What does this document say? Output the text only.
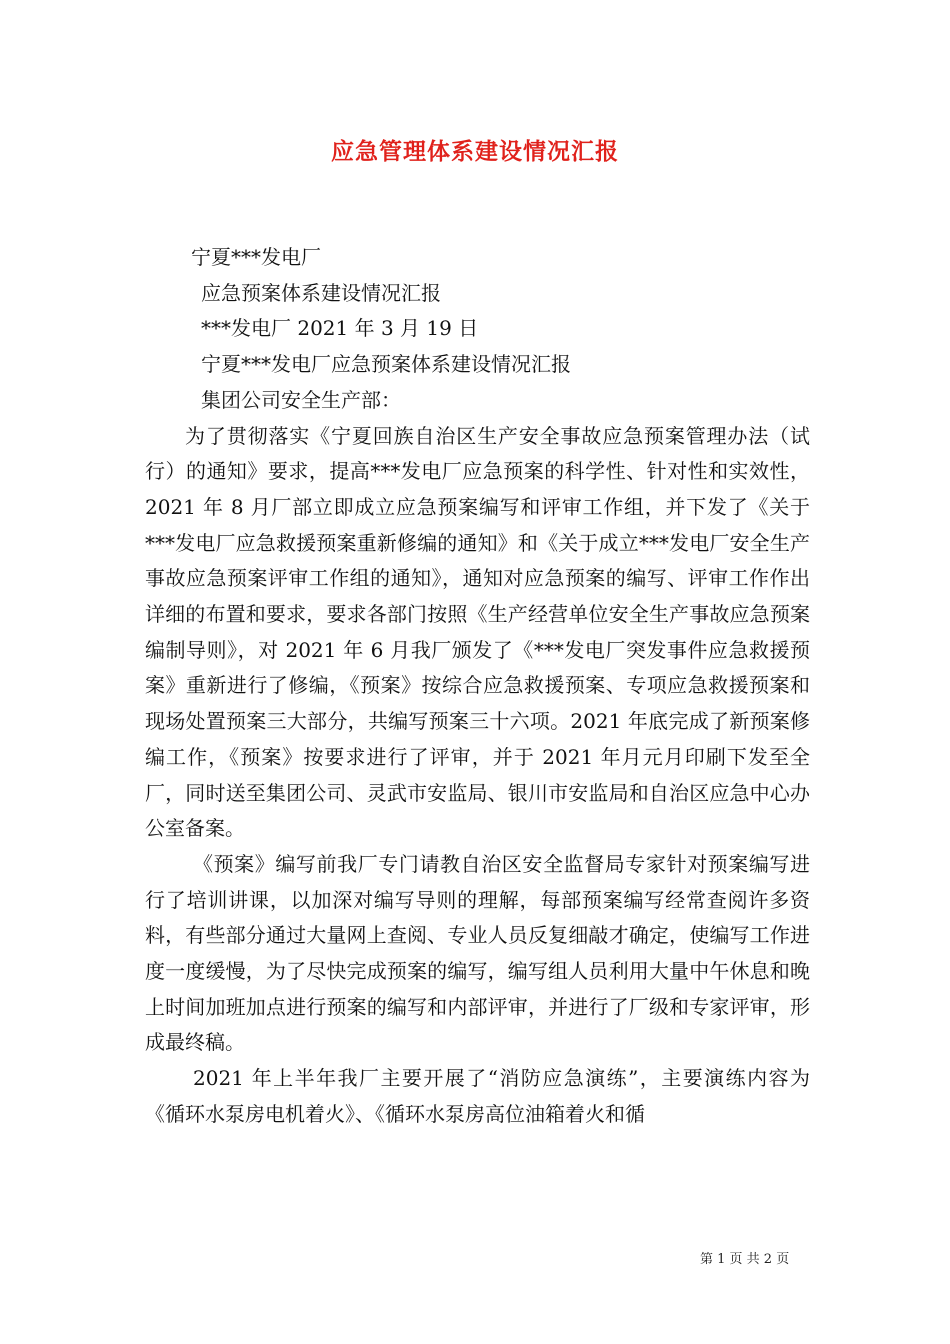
应急管理体系建设情况汇报
宁夏***发电厂
应急预案体系建设情况汇报
***发电厂 2021 年 3 月 19 日
宁夏***发电厂应急预案体系建设情况汇报
集团公司安全生产部：

为了贯彻落实《宁夏回族自治区生产安全事故应急预案管理办法（试行）的通知》要求，提高***发电厂应急预案的科学性、针对性和实效性，2021 年 8 月厂部立即成立应急预案编写和评审工作组，并下发了《关于***发电厂应急救援预案重新修编的通知》和《关于成立***发电厂安全生产事故应急预案评审工作组的通知》，通知对应急预案的编写、评审工作作出详细的布置和要求，要求各部门按照《生产经营单位安全生产事故应急预案编制导则》，对 2021 年 6 月我厂颁发了《***发电厂突发事件应急救援预案》重新进行了修编，《预案》按综合应急救援预案、专项应急救援预案和现场处置预案三大部分，共编写预案三十六项。2021 年底完成了新预案修编工作，《预案》按要求进行了评审，并于 2021 年月元月印刷下发至全厂，同时送至集团公司、灵武市安监局、银川市安监局和自治区应急中心办公室备案。

《预案》编写前我厂专门请教自治区安全监督局专家针对预案编写进行了培训讲课，以加深对编写导则的理解，每部预案编写经常查阅许多资料，有些部分通过大量网上查阅、专业人员反复细敲才确定，使编写工作进度一度缓慢，为了尽快完成预案的编写，编写组人员利用大量中午休息和晚上时间加班加点进行预案的编写和内部评审，并进行了厂级和专家评审，形成最终稿。

2021 年上半年我厂主要开展了“消防应急演练”，主要演练内容为《循环水泵房电机着火》、《循环水泵房高位油箱着火和循

第 1 页 共 2 页
